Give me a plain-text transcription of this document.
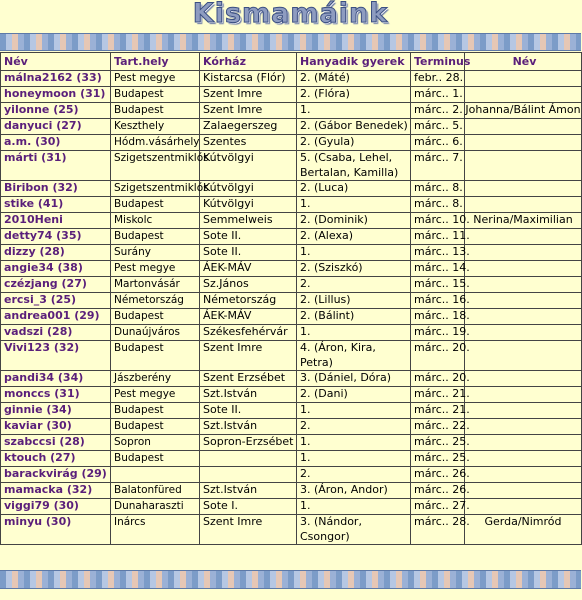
Kismamáink
Név	Tart.hely	Kórház	Hanyadik gyerek	Terminus	Név
málna2162 (33)	Pest megye	Kistarcsa (Flór)	2. (Máté)	febr.. 28.	
honeymoon (31)	Budapest	Szent Imre	2. (Flóra)	márc.. 1.	
yilonne (25)	Budapest	Szent Imre	1.	márc.. 2.	Johanna/Bálint Ámon
danyuci (27)	Keszthely	Zalaegerszeg	2. (Gábor Benedek)	márc.. 5.	
a.m. (30)	Hódm.vásárhely	Szentes	2. (Gyula)	márc.. 6.	
márti (31)	Szigetszentmiklós	Kútvölgyi	5. (Csaba, Lehel, Bertalan, Kamilla)	márc.. 7.	
Biribon (32)	Szigetszentmiklós	Kútvölgyi	2. (Luca)	márc.. 8.	
stike (41)	Budapest	Kútvölgyi	1.	márc.. 8.	
2010Heni	Miskolc	Semmelweis	2. (Dominik)	márc.. 10.	Nerina/Maximilian
detty74 (35)	Budapest	Sote II.	2. (Alexa)	márc.. 11.	
dizzy (28)	Surány	Sote II.	1.	márc.. 13.	
angie34 (38)	Pest megye	ÁEK-MÁV	2. (Sziszkó)	márc.. 14.	
czézjang (27)	Martonvásár	Sz.János	2.	márc.. 15.	
ercsi_3 (25)	Németország	Németország	2. (Lillus)	márc.. 16.	
andrea001 (29)	Budapest	ÁEK-MÁV	2. (Bálint)	márc.. 18.	
vadszi (28)	Dunaújváros	Székesfehérvár	1.	márc.. 19.	
Vivi123 (32)	Budapest	Szent Imre	4. (Áron, Kira, Petra)	márc.. 20.	
pandi34 (34)	Jászberény	Szent Erzsébet	3. (Dániel, Dóra)	márc.. 20.	
monccs (31)	Pest megye	Szt.István	2. (Dani)	márc.. 21.	
ginnie (34)	Budapest	Sote II.	1.	márc.. 21.	
kaviar (30)	Budapest	Szt.István	2.	márc.. 22.	
szabccsi (28)	Sopron	Sopron-Erzsébet	1.	márc.. 25.	
ktouch (27)	Budapest		1.	márc.. 25.	
barackvirág (29)			2.	márc.. 26.	
mamacka (32)	Balatonfüred	Szt.István	3. (Áron, Andor)	márc.. 26.	
viggi79 (30)	Dunaharaszti	Sote I.	1.	márc.. 27.	
minyu (30)	Inárcs	Szent Imre	3. (Nándor, Csongor)	márc.. 28.	Gerda/Nimród
